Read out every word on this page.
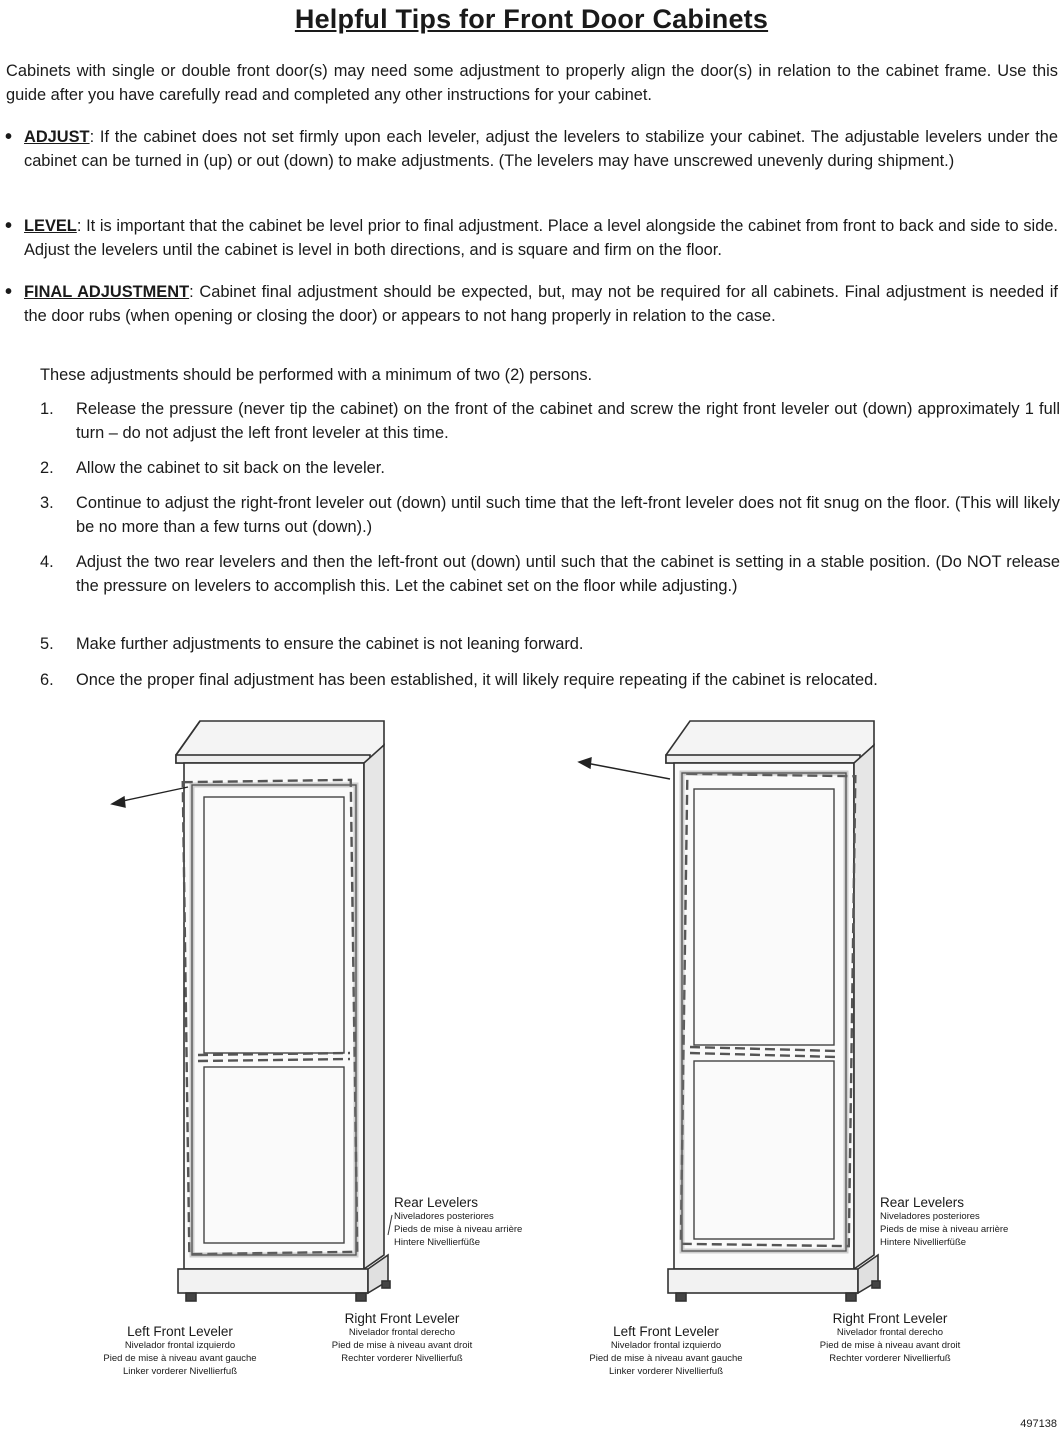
Helpful Tips for Front Door Cabinets
Cabinets with single or double front door(s) may need some adjustment to properly align the door(s) in relation to the cabinet frame. Use this guide after you have carefully read and completed any other instructions for your cabinet.
• ADJUST: If the cabinet does not set firmly upon each leveler, adjust the levelers to stabilize your cabinet. The adjustable levelers under the cabinet can be turned in (up) or out (down) to make adjustments. (The levelers may have unscrewed unevenly during shipment.)
• LEVEL: It is important that the cabinet be level prior to final adjustment. Place a level alongside the cabinet from front to back and side to side. Adjust the levelers until the cabinet is level in both directions, and is square and firm on the floor.
• FINAL ADJUSTMENT: Cabinet final adjustment should be expected, but, may not be required for all cabinets. Final adjustment is needed if the door rubs (when opening or closing the door) or appears to not hang properly in relation to the case.
These adjustments should be performed with a minimum of two (2) persons.
1. Release the pressure (never tip the cabinet) on the front of the cabinet and screw the right front leveler out (down) approximately 1 full turn – do not adjust the left front leveler at this time.
2. Allow the cabinet to sit back on the leveler.
3. Continue to adjust the right-front leveler out (down) until such time that the left-front leveler does not fit snug on the floor. (This will likely be no more than a few turns out (down).)
4. Adjust the two rear levelers and then the left-front out (down) until such that the cabinet is setting in a stable position. (Do NOT release the pressure on levelers to accomplish this. Let the cabinet set on the floor while adjusting.)
5. Make further adjustments to ensure the cabinet is not leaning forward.
6. Once the proper final adjustment has been established, it will likely require repeating if the cabinet is relocated.
Rear Levelers
Niveladores posteriores
Pieds de mise à niveau arrière
Hintere Nivellierfüße
Left Front Leveler
Nivelador frontal izquierdo
Pied de mise à niveau avant gauche
Linker vorderer Nivellierfuß
Right Front Leveler
Nivelador frontal derecho
Pied de mise à niveau avant droit
Rechter vorderer Nivellierfuß
Rear Levelers
Niveladores posteriores
Pieds de mise à niveau arrière
Hintere Nivellierfüße
Left Front Leveler
Nivelador frontal izquierdo
Pied de mise à niveau avant gauche
Linker vorderer Nivellierfuß
Right Front Leveler
Nivelador frontal derecho
Pied de mise à niveau avant droit
Rechter vorderer Nivellierfuß
497138
